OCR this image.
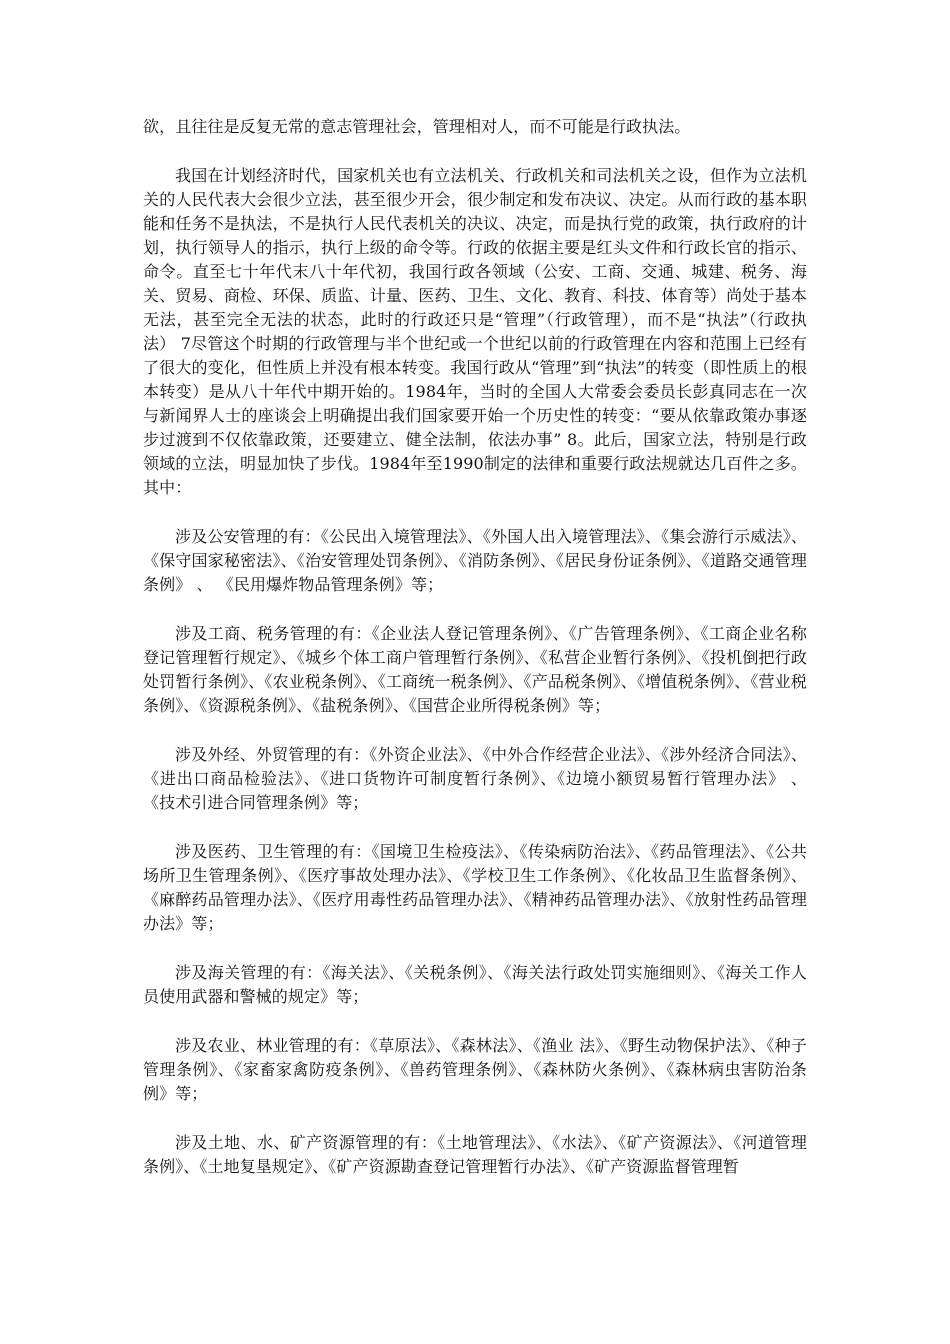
欲，且往往是反复无常的意志管理社会，管理相对人，而不可能是行政执法。

我国在计划经济时代，国家机关也有立法机关、行政机关和司法机关之设，但作为立法机关的人民代表大会很少立法，甚至很少开会，很少制定和发布决议、决定。从而行政的基本职能和任务不是执法，不是执行人民代表机关的决议、决定，而是执行党的政策，执行政府的计划，执行领导人的指示，执行上级的命令等。行政的依据主要是红头文件和行政长官的指示、命令。直至七十年代末八十年代初，我国行政各领域（公安、工商、交通、城建、税务、海关、贸易、商检、环保、质监、计量、医药、卫生、文化、教育、科技、体育等）尚处于基本无法，甚至完全无法的状态，此时的行政还只是“管理”（行政管理），而不是“执法”（行政执法） 7尽管这个时期的行政管理与半个世纪或一个世纪以前的行政管理在内容和范围上已经有了很大的变化，但性质上并没有根本转变。我国行政从“管理”到“执法”的转变（即性质上的根本转变）是从八十年代中期开始的。1984年，当时的全国人大常委会委员长彭真同志在一次与新闻界人士的座谈会上明确提出我们国家要开始一个历史性的转变：“要从依靠政策办事逐步过渡到不仅依靠政策，还要建立、健全法制，依法办事” 8。此后，国家立法，特别是行政领域的立法，明显加快了步伐。1984年至1990制定的法律和重要行政法规就达几百件之多。其中：

涉及公安管理的有：《公民出入境管理法》、《外国人出入境管理法》、《集会游行示威法》、《保守国家秘密法》、《治安管理处罚条例》、《消防条例》、《居民身份证条例》、《道路交通管理条例》 、 《民用爆炸物品管理条例》等；

涉及工商、税务管理的有：《企业法人登记管理条例》、《广告管理条例》、《工商企业名称登记管理暂行规定》、《城乡个体工商户管理暂行条例》、《私营企业暂行条例》、《投机倒把行政处罚暂行条例》、《农业税条例》、《工商统一税条例》、《产品税条例》、《增值税条例》、《营业税条例》、《资源税条例》、《盐税条例》、《国营企业所得税条例》等；

涉及外经、外贸管理的有：《外资企业法》、《中外合作经营企业法》、《涉外经济合同法》、《进出口商品检验法》、《进口货物许可制度暂行条例》、《边境小额贸易暂行管理办法》 、 《技术引进合同管理条例》等；

涉及医药、卫生管理的有：《国境卫生检疫法》、《传染病防治法》、《药品管理法》、《公共场所卫生管理条例》、《医疗事故处理办法》、《学校卫生工作条例》、《化妆品卫生监督条例》、《麻醉药品管理办法》、《医疗用毒性药品管理办法》、《精神药品管理办法》、《放射性药品管理办法》等；

涉及海关管理的有：《海关法》、《关税条例》、《海关法行政处罚实施细则》、《海关工作人员使用武器和警械的规定》等；

涉及农业、林业管理的有：《草原法》、《森林法》、《渔业 法》、《野生动物保护法》、《种子管理条例》、《家畜家禽防疫条例》、《兽药管理条例》、《森林防火条例》、《森林病虫害防治条例》等；

涉及土地、水、矿产资源管理的有：《土地管理法》、《水法》、《矿产资源法》、《河道管理条例》、《土地复垦规定》、《矿产资源勘查登记管理暂行办法》、《矿产资源监督管理暂
